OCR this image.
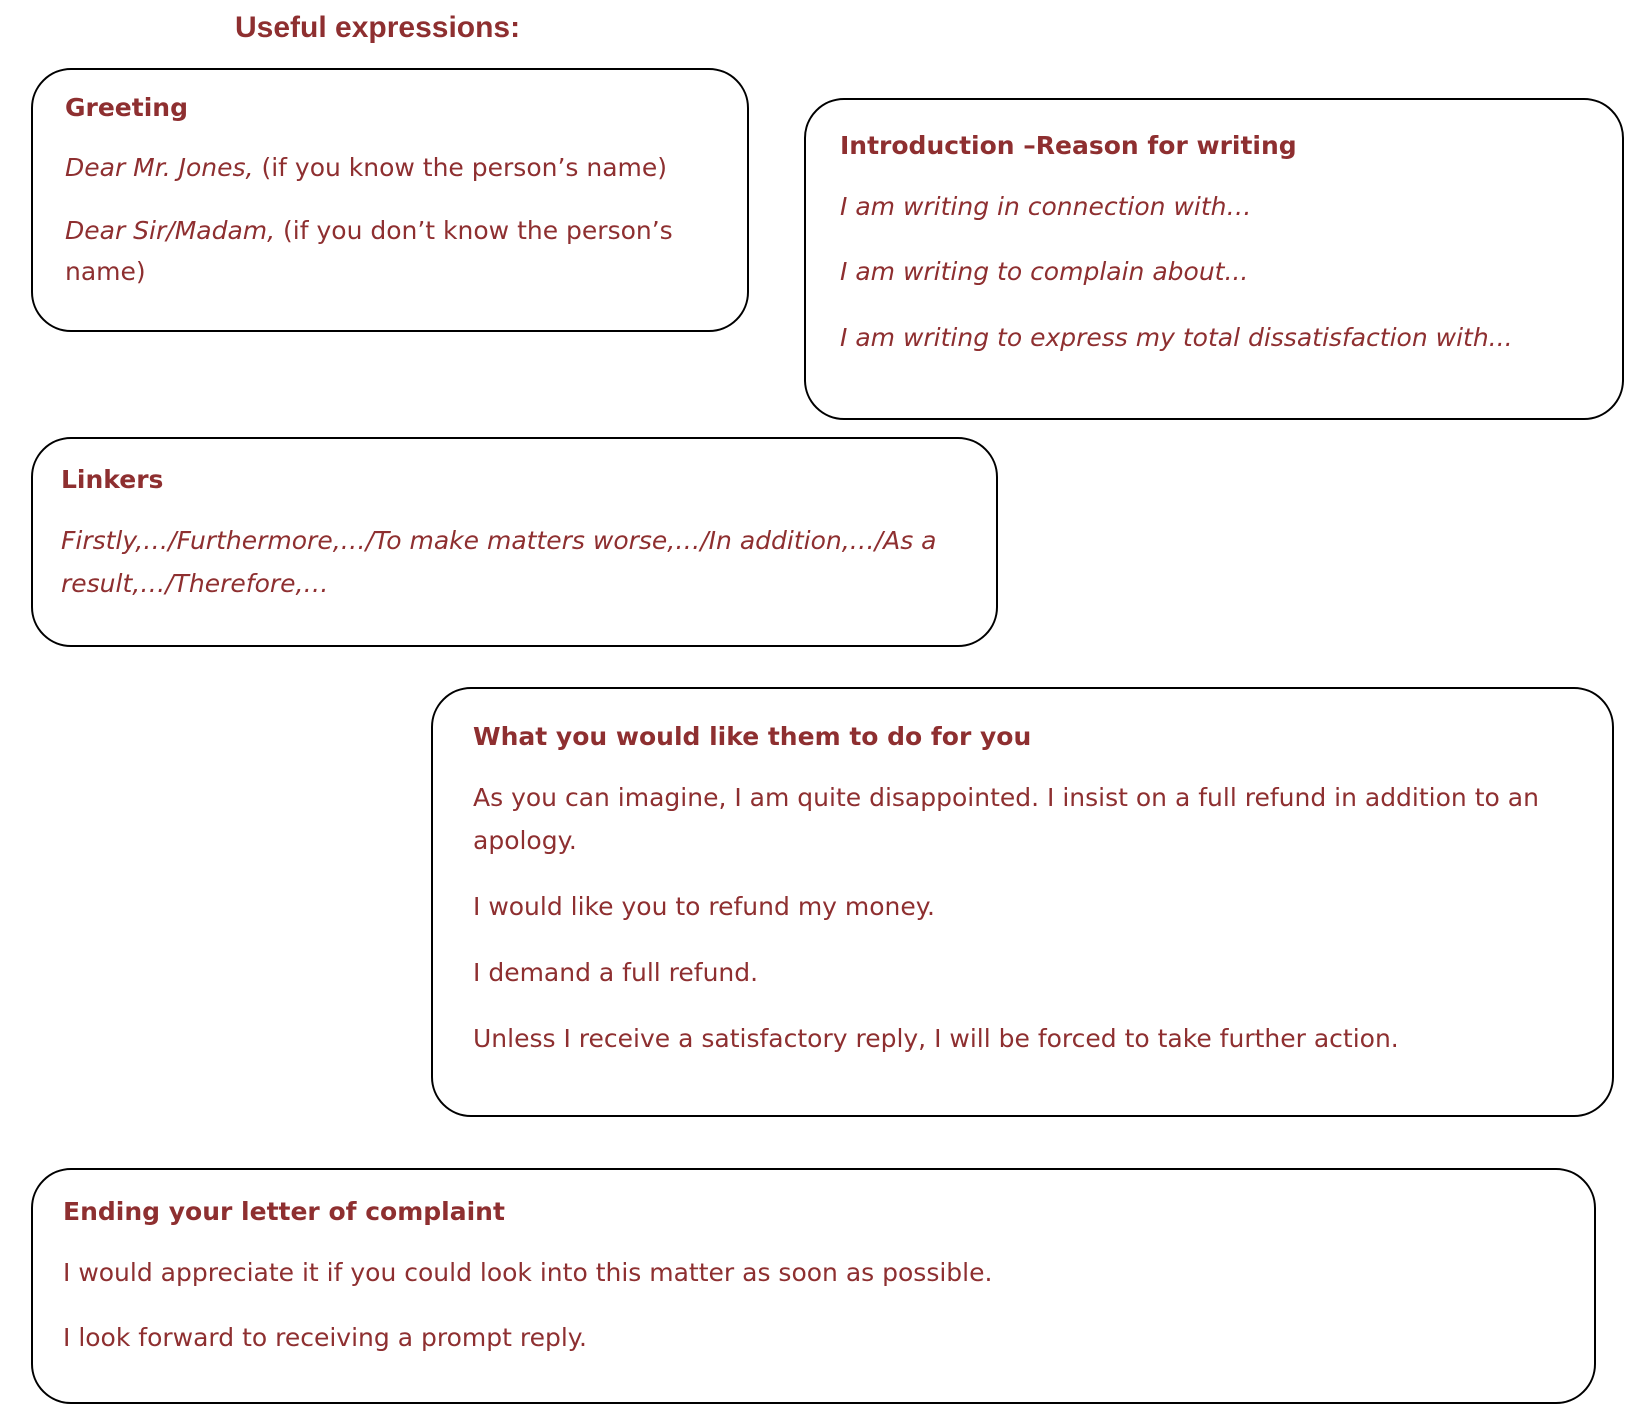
Useful expressions:
Greeting

Dear Mr. Jones, (if you know the person’s name)

Dear Sir/Madam, (if you don’t know the person’s name)

Introduction –Reason for writing

I am writing in connection with…

I am writing to complain about...

I am writing to express my total dissatisfaction with...

Linkers

Firstly,…/Furthermore,…/To make matters worse,…/In addition,…/As a result,…/Therefore,…

What you would like them to do for you

As you can imagine, I am quite disappointed. I insist on a full refund in addition to an apology.

I would like you to refund my money.

I demand a full refund.

Unless I receive a satisfactory reply, I will be forced to take further action.

Ending your letter of complaint

I would appreciate it if you could look into this matter as soon as possible.

I look forward to receiving a prompt reply.
